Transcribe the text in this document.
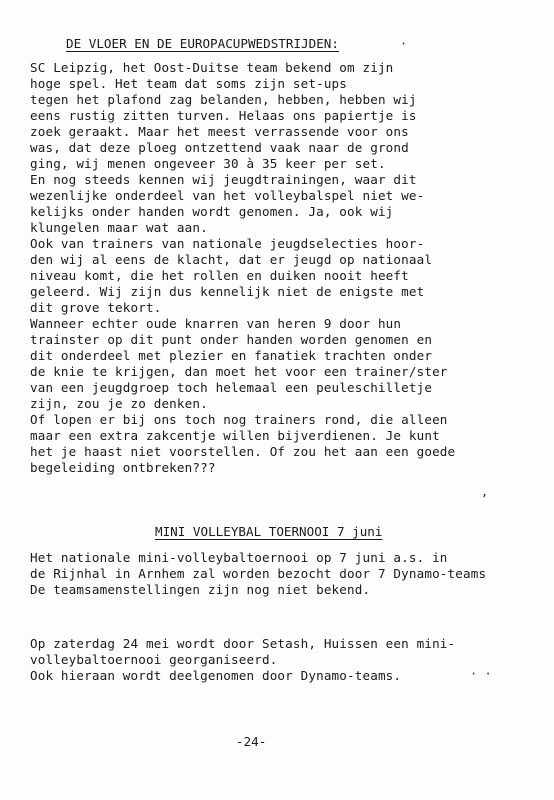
DE VLOER EN DE EUROPACUPWEDSTRIJDEN:	·
SC Leipzig, het Oost-Duitse team bekend om zijn
hoge spel. Het team dat soms zijn set-ups
tegen het plafond zag belanden, hebben, hebben wij
eens rustig zitten turven. Helaas ons papiertje is
zoek geraakt. Maar het meest verrassende voor ons
was, dat deze ploeg ontzettend vaak naar de grond
ging, wij menen ongeveer 30 à 35 keer per set.
En nog steeds kennen wij jeugdtrainingen, waar dit
wezenlijke onderdeel van het volleybalspel niet we-
kelijks onder handen wordt genomen. Ja, ook wij
klungelen maar wat aan.
Ook van trainers van nationale jeugdselecties hoor-
den wij al eens de klacht, dat er jeugd op nationaal
niveau komt, die het rollen en duiken nooit heeft
geleerd. Wij zijn dus kennelijk niet de enigste met
dit grove tekort.
Wanneer echter oude knarren van heren 9 door hun
trainster op dit punt onder handen worden genomen en
dit onderdeel met plezier en fanatiek trachten onder
de knie te krijgen, dan moet het voor een trainer/ster
van een jeugdgroep toch helemaal een peuleschilletje
zijn, zou je zo denken.
Of lopen er bij ons toch nog trainers rond, die alleen
maar een extra zakcentje willen bijverdienen. Je kunt
het je haast niet voorstellen. Of zou het aan een goede
begeleiding ontbreken???
,
MINI VOLLEYBAL TOERNOOI 7 juni
Het nationale mini-volleybaltoernooi op 7 juni a.s. in
de Rijnhal in Arnhem zal worden bezocht door 7 Dynamo-teams
De teamsamenstellingen zijn nog niet bekend.
Op zaterdag 24 mei wordt door Setash, Huissen een mini-
volleybaltoernooi georganiseerd.
Ook hieraan wordt deelgenomen door Dynamo-teams.	· ·
-24-
